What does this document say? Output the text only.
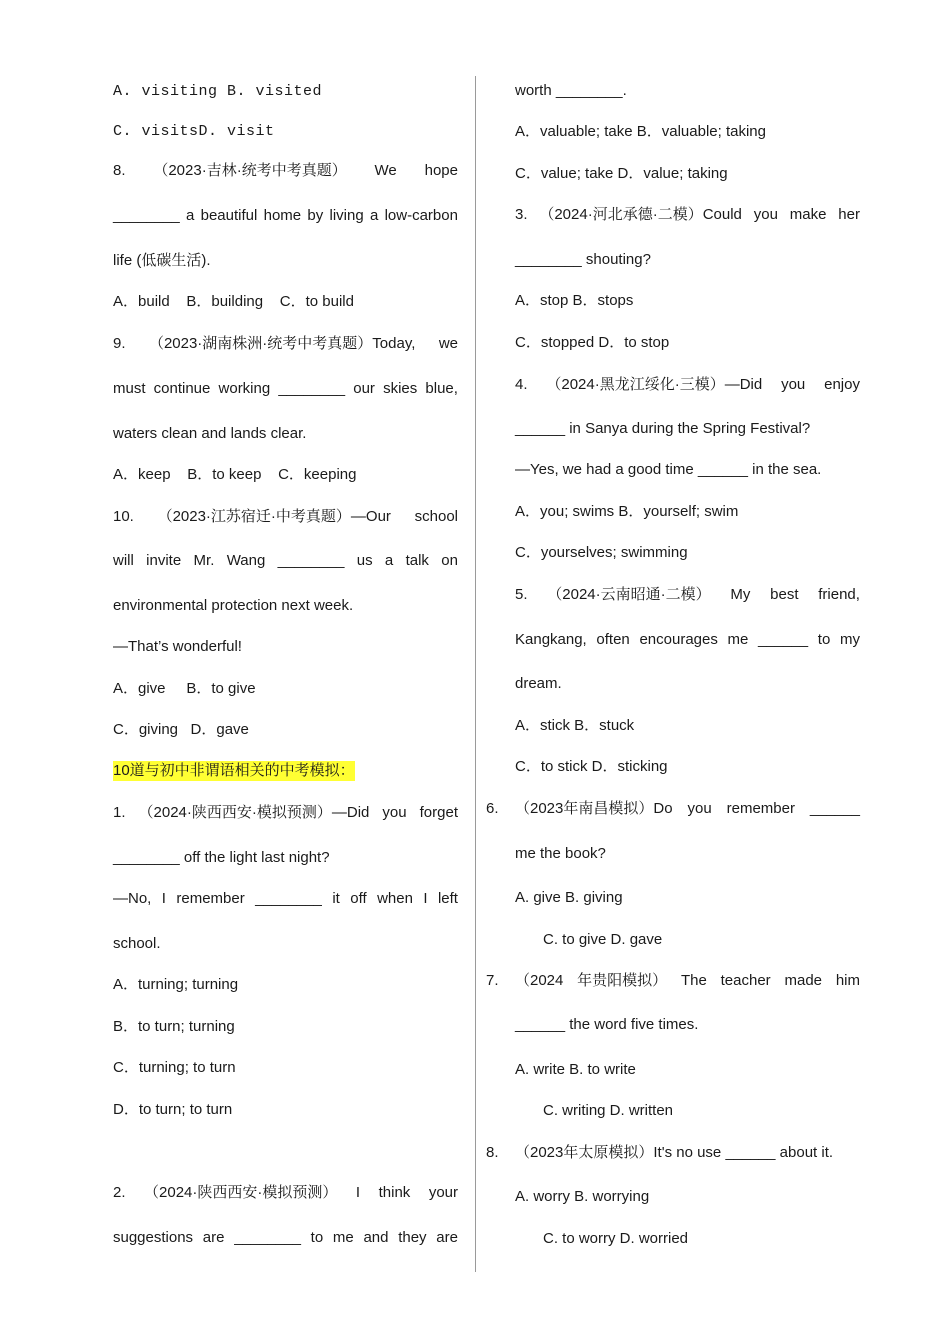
A. visiting B. visited
C. visitsD. visit
8. （2023·吉林·统考中考真题） We hope
________ a beautiful home by living a low-carbon
life (低碳生活).
A．build    B．building    C．to build
9. （2023·湖南株洲·统考中考真题）Today, we
must continue working ________ our skies blue,
waters clean and lands clear.
A．keep    B．to keep    C．keeping
10. （2023·江苏宿迁·中考真题）—Our school
will invite Mr. Wang ________ us a talk on
environmental protection next week.
—That’s wonderful!
A．give     B．to give
C．giving   D．gave
10道与初中非谓语相关的中考模拟：
1. （2024·陕西西安·模拟预测）—Did you forget
________ off the light last night?
—No, I remember ________ it off when I left
school.
A．turning; turning
B．to turn; turning
C．turning; to turn
D．to turn; to turn
2. （2024·陕西西安·模拟预测） I think your
suggestions are ________ to me and they are
worth ________.
A．valuable; take B．valuable; taking
C．value; take D．value; taking
3. （2024·河北承德·二模）Could you make her
________ shouting?
A．stop B．stops
C．stopped D．to stop
4. （2024·黑龙江绥化·三模）—Did you enjoy
______ in Sanya during the Spring Festival?
—Yes, we had a good time ______ in the sea.
A．you; swims B．yourself; swim
C．yourselves; swimming
5. （2024·云南昭通·二模） My best friend,
Kangkang, often encourages me ______ to my
dream.
A．stick B．stuck
C．to stick D．sticking
6. （2023年南昌模拟）Do you remember ______
me the book?
A. give B. giving
C. to give D. gave
7. （2024 年贵阳模拟） The teacher made him
______ the word five times.
A. write B. to write
C. writing D. written
8. （2023年太原模拟）It's no use ______ about it.
A. worry B. worrying
C. to worry D. worried
